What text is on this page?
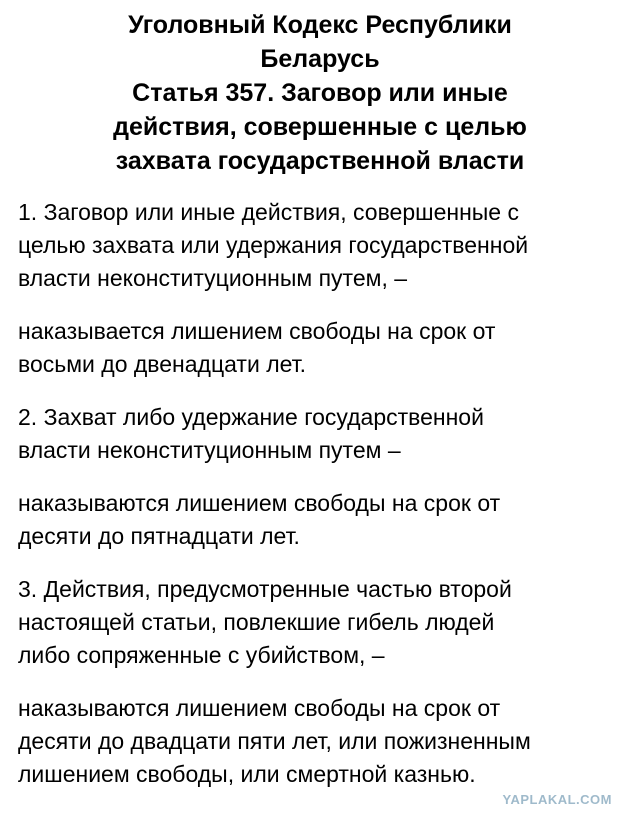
Уголовный Кодекс Республики
Беларусь
Статья 357. Заговор или иные
действия, совершенные с целью
захвата государственной власти
1. Заговор или иные действия, совершенные с
целью захвата или удержания государственной
власти неконституционным путем, –
наказывается лишением свободы на срок от
восьми до двенадцати лет.
2. Захват либо удержание государственной
власти неконституционным путем –
наказываются лишением свободы на срок от
десяти до пятнадцати лет.
3. Действия, предусмотренные частью второй
настоящей статьи, повлекшие гибель людей
либо сопряженные с убийством, –
наказываются лишением свободы на срок от
десяти до двадцати пяти лет, или пожизненным
лишением свободы, или смертной казнью.
YAPLAKAL.COM
